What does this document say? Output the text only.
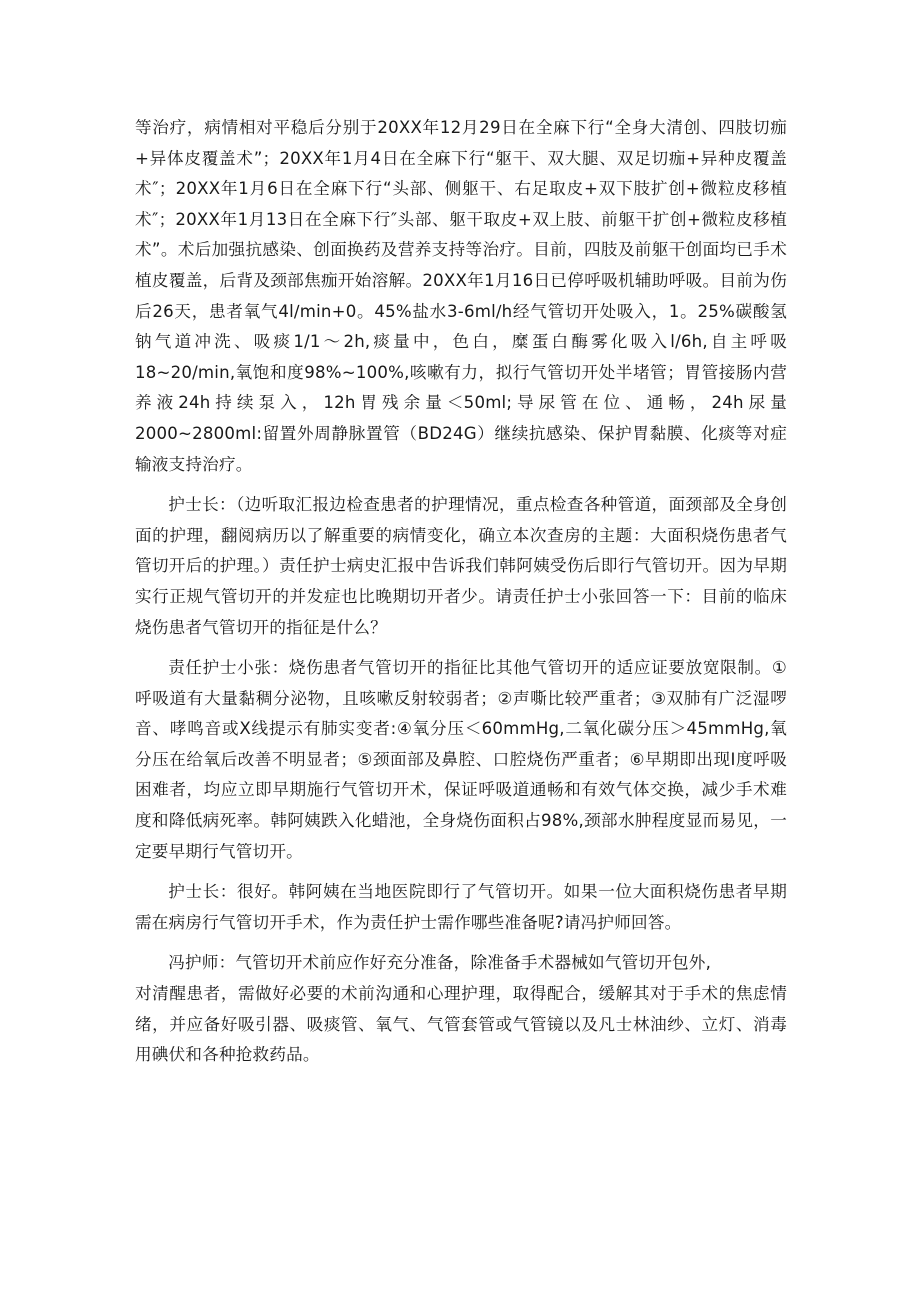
等治疗，病情相对平稳后分别于20XX年12月29日在全麻下行“全身大清创、四肢切痂+异体皮覆盖术”；20XX年1月4日在全麻下行“躯干、双大腿、双足切痂+异种皮覆盖术″；20XX年1月6日在全麻下行“头部、侧躯干、右足取皮+双下肢扩创+微粒皮移植术″；20XX年1月13日在全麻下行″头部、躯干取皮+双上肢、前躯干扩创+微粒皮移植术”。术后加强抗感染、创面换药及营养支持等治疗。目前，四肢及前躯干创面均已手术植皮覆盖，后背及颈部焦痂开始溶解。20XX年1月16日已停呼吸机辅助呼吸。目前为伤后26天，患者氧气4l∕min+0。45%盐水3-6ml∕h经气管切开处吸入，1。25%碳酸氢钠气道冲洗、吸痰1/1～2h,痰量中，色白，糜蛋白酶雾化吸入l/6h,自主呼吸18~20/min,氧饱和度98%~100%,咳嗽有力，拟行气管切开处半堵管；胃管接肠内营养液24h持续泵入，12h胃残余量＜50ml;导尿管在位、通畅，24h尿量2000~2800ml:留置外周静脉置管（BD24G）继续抗感染、保护胃黏膜、化痰等对症输液支持治疗。

护士长：（边听取汇报边检查患者的护理情况，重点检查各种管道，面颈部及全身创面的护理，翻阅病历以了解重要的病情变化，确立本次查房的主题：大面积烧伤患者气管切开后的护理。）责任护士病史汇报中告诉我们韩阿姨受伤后即行气管切开。因为早期实行正规气管切开的并发症也比晚期切开者少。请责任护士小张回答一下：目前的临床烧伤患者气管切开的指征是什么？

责任护士小张：烧伤患者气管切开的指征比其他气管切开的适应证要放宽限制。①呼吸道有大量黏稠分泌物，且咳嗽反射较弱者；②声嘶比较严重者；③双肺有广泛湿啰音、哮鸣音或X线提示有肺实变者:④氧分压＜60mmHg,二氧化碳分压＞45mmHg,氧分压在给氧后改善不明显者；⑤颈面部及鼻腔、口腔烧伤严重者；⑥早期即出现I度呼吸困难者，均应立即早期施行气管切开术，保证呼吸道通畅和有效气体交换，减少手术难度和降低病死率。韩阿姨跌入化蜡池，全身烧伤面积占98%,颈部水肿程度显而易见，一定要早期行气管切开。

护士长：很好。韩阿姨在当地医院即行了气管切开。如果一位大面积烧伤患者早期需在病房行气管切开手术，作为责任护士需作哪些准备呢?请冯护师回答。

冯护师：气管切开术前应作好充分准备，除准备手术器械如气管切开包外,

对清醒患者，需做好必要的术前沟通和心理护理，取得配合，缓解其对于手术的焦虑情绪，并应备好吸引器、吸痰管、氧气、气管套管或气管镜以及凡士林油纱、立灯、消毒用碘伏和各种抢救药品。
